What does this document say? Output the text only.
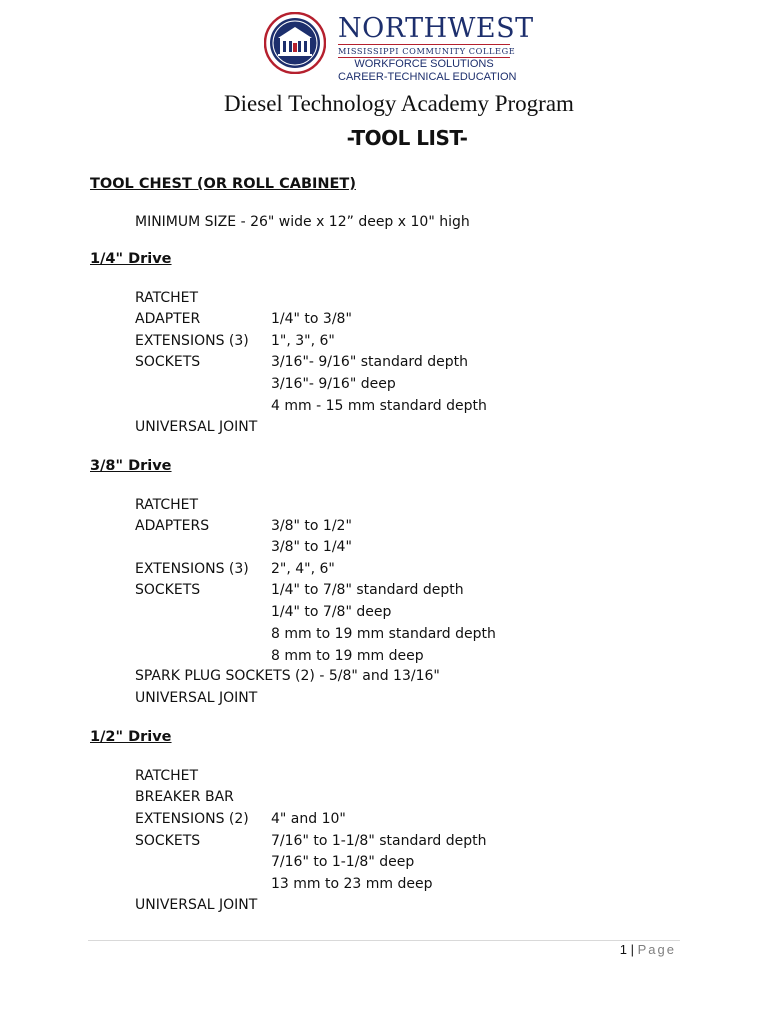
NORTHWEST
MISSISSIPPI COMMUNITY COLLEGE
WORKFORCE SOLUTIONS
CAREER-TECHNICAL EDUCATION
Diesel Technology Academy Program
-TOOL LIST-
TOOL CHEST (OR ROLL CABINET)
MINIMUM SIZE - 26" wide x 12” deep x 10" high
1/4" Drive
RATCHET
ADAPTER	1/4" to 3/8"
EXTENSIONS (3) 1", 3", 6"
SOCKETS	3/16"- 9/16" standard depth
3/16"- 9/16" deep
4 mm - 15 mm standard depth
UNIVERSAL JOINT
3/8" Drive
RATCHET
ADAPTERS	3/8" to 1/2"
3/8" to 1/4"
EXTENSIONS (3) 2", 4", 6"
SOCKETS	1/4" to 7/8" standard depth
1/4" to 7/8" deep
8 mm to 19 mm standard depth
8 mm to 19 mm deep
SPARK PLUG SOCKETS (2) - 5/8" and 13/16"
UNIVERSAL JOINT
1/2" Drive
RATCHET
BREAKER BAR
EXTENSIONS (2) 4" and 10"
SOCKETS	7/16" to 1-1/8" standard depth
7/16" to 1-1/8" deep
13 mm to 23 mm deep
UNIVERSAL JOINT
1 | Page
